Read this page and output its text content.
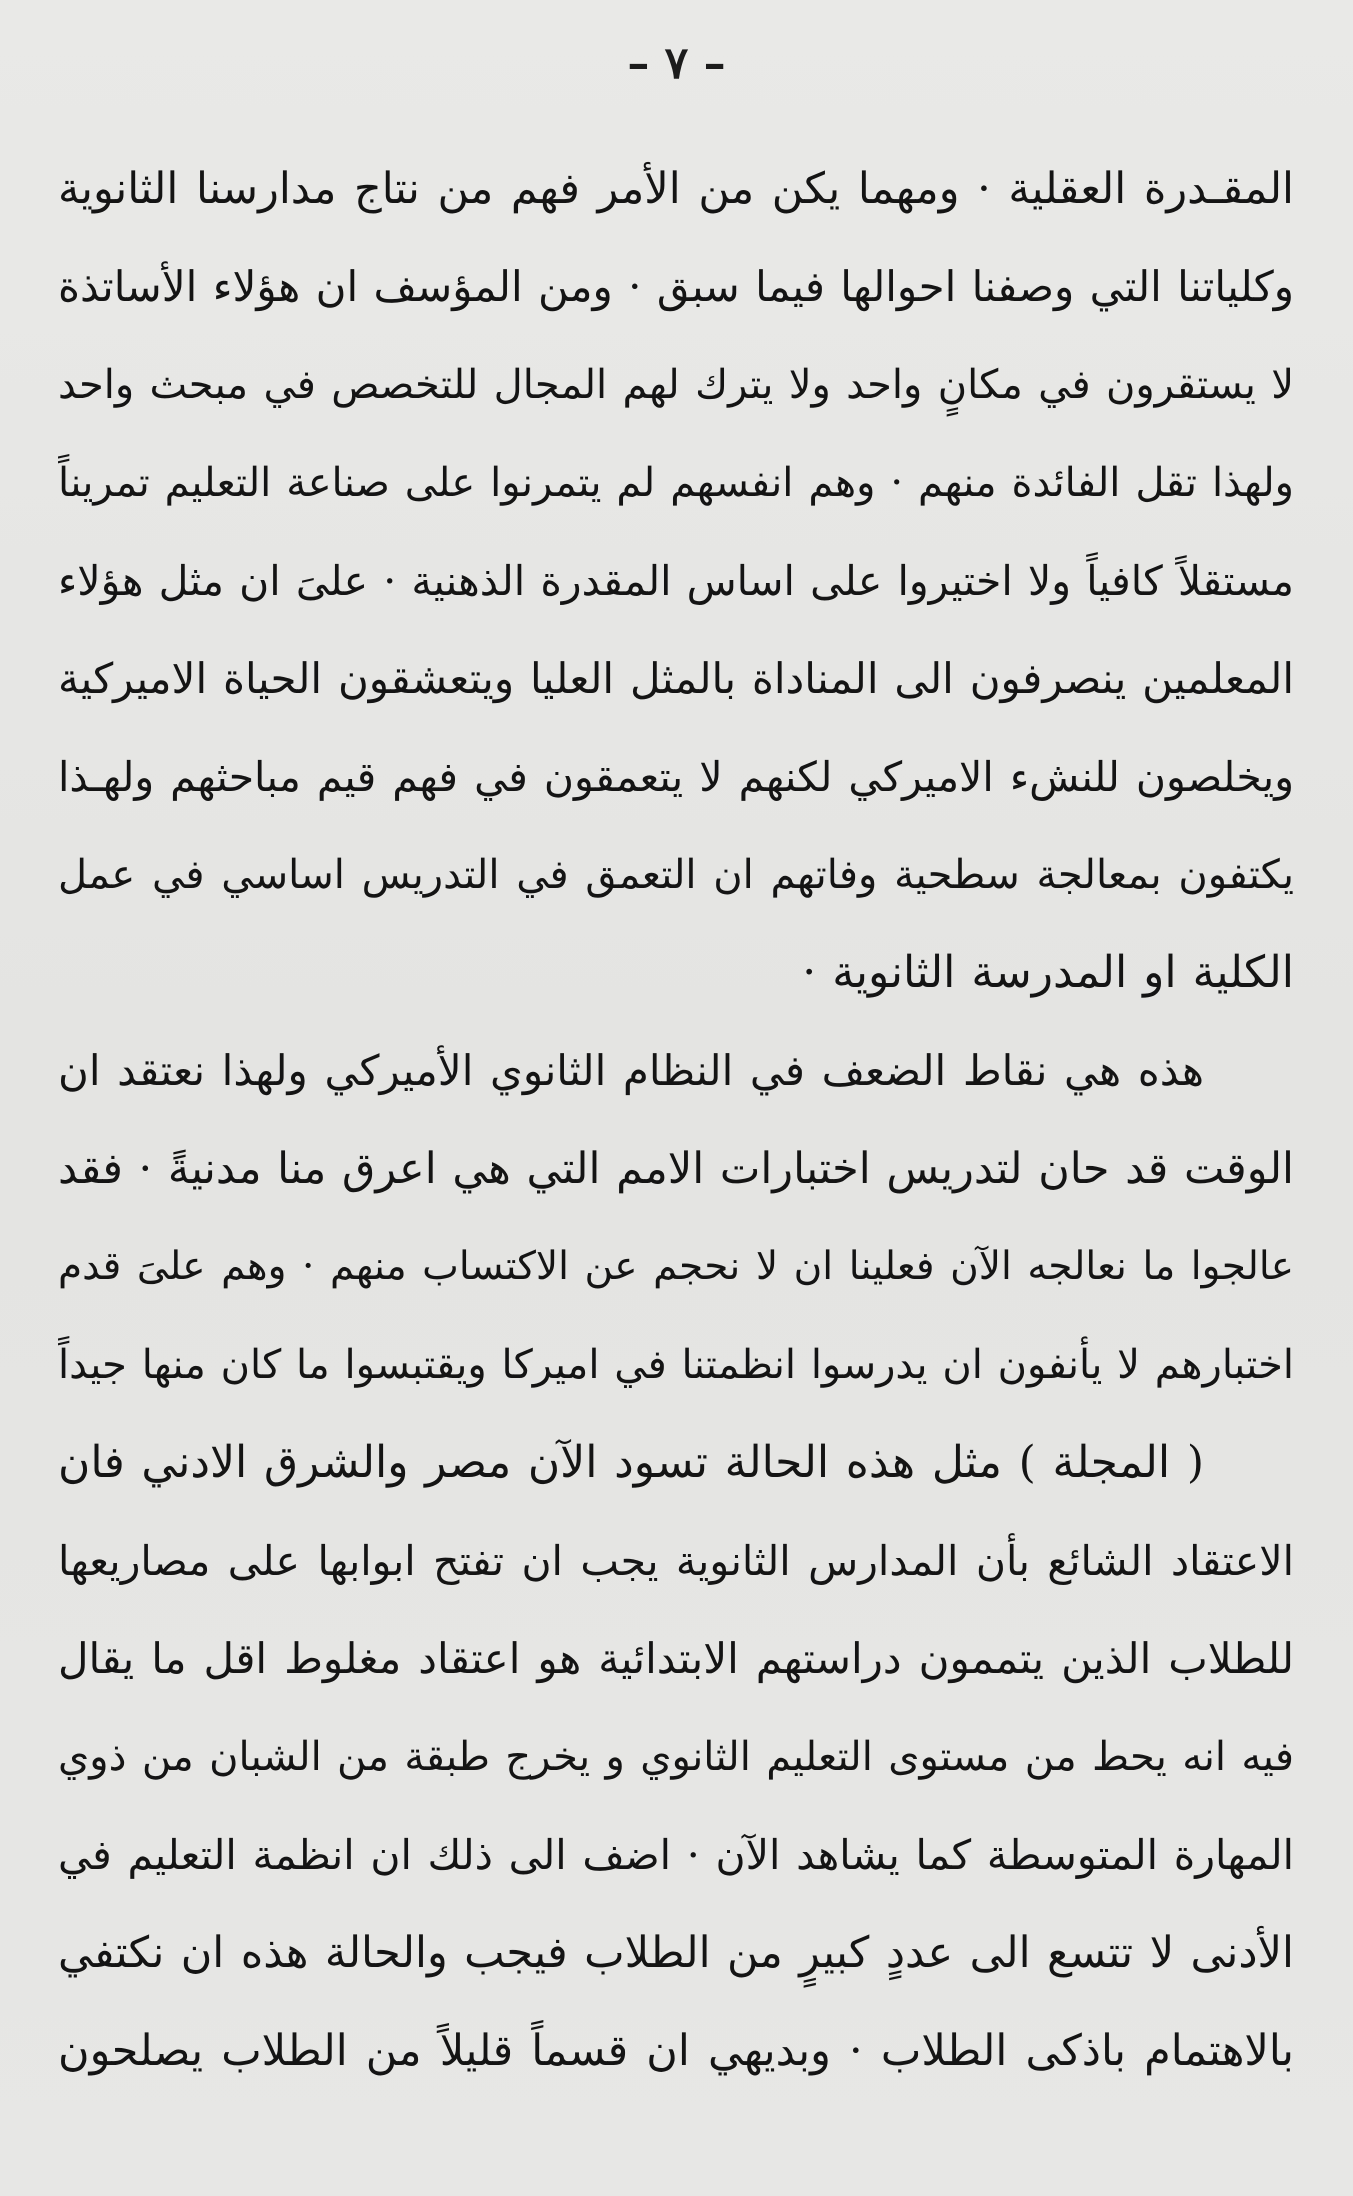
– ٧ –
المقـدرة العقلية · ومهما يكن من الأمر فهم من نتاج مدارسنا الثانوية
وكلياتنا التي وصفنا احوالها فيما سبق · ومن المؤسف ان هؤلاء الأساتذة
لا يستقرون في مكانٍ واحد ولا يترك لهم المجال للتخصص في مبحث واحد
ولهذا تقل الفائدة منهم · وهم انفسهم لم يتمرنوا على صناعة التعليم تمريناً
مستقلاً كافياً ولا اختيروا على اساس المقدرة الذهنية · علىَ ان مثل هؤلاء
المعلمين ينصرفون الى المناداة بالمثل العليا ويتعشقون الحياة الاميركية
ويخلصون للنشء الاميركي لكنهم لا يتعمقون في فهم قيم مباحثهم ولهـذا
يكتفون بمعالجة سطحية وفاتهم ان التعمق في التدريس اساسي في عمل
الكلية او المدرسة الثانوية ·
هذه هي نقاط الضعف في النظام الثانوي الأميركي ولهذا نعتقد ان
الوقت قد حان لتدريس اختبارات الامم التي هي اعرق منا مدنيةً · فقد
عالجوا ما نعالجه الآن فعلينا ان لا نحجم عن الاكتساب منهم · وهم علىَ قدم
اختبارهم لا يأنفون ان يدرسوا انظمتنا في اميركا ويقتبسوا ما كان منها جيداً
( المجلة ) مثل هذه الحالة تسود الآن مصر والشرق الادني فان
الاعتقاد الشائع بأن المدارس الثانوية يجب ان تفتح ابوابها على مصاريعها
للطلاب الذين يتممون دراستهم الابتدائية هو اعتقاد مغلوط اقل ما يقال
فيه انه يحط من مستوى التعليم الثانوي و يخرج طبقة من الشبان من ذوي
المهارة المتوسطة كما يشاهد الآن · اضف الى ذلك ان انظمة التعليم في
الأدنى لا تتسع الى عددٍ كبيرٍ من الطلاب فيجب والحالة هذه ان نكتفي
بالاهتمام باذكى الطلاب · وبديهي ان قسماً قليلاً من الطلاب يصلحون
